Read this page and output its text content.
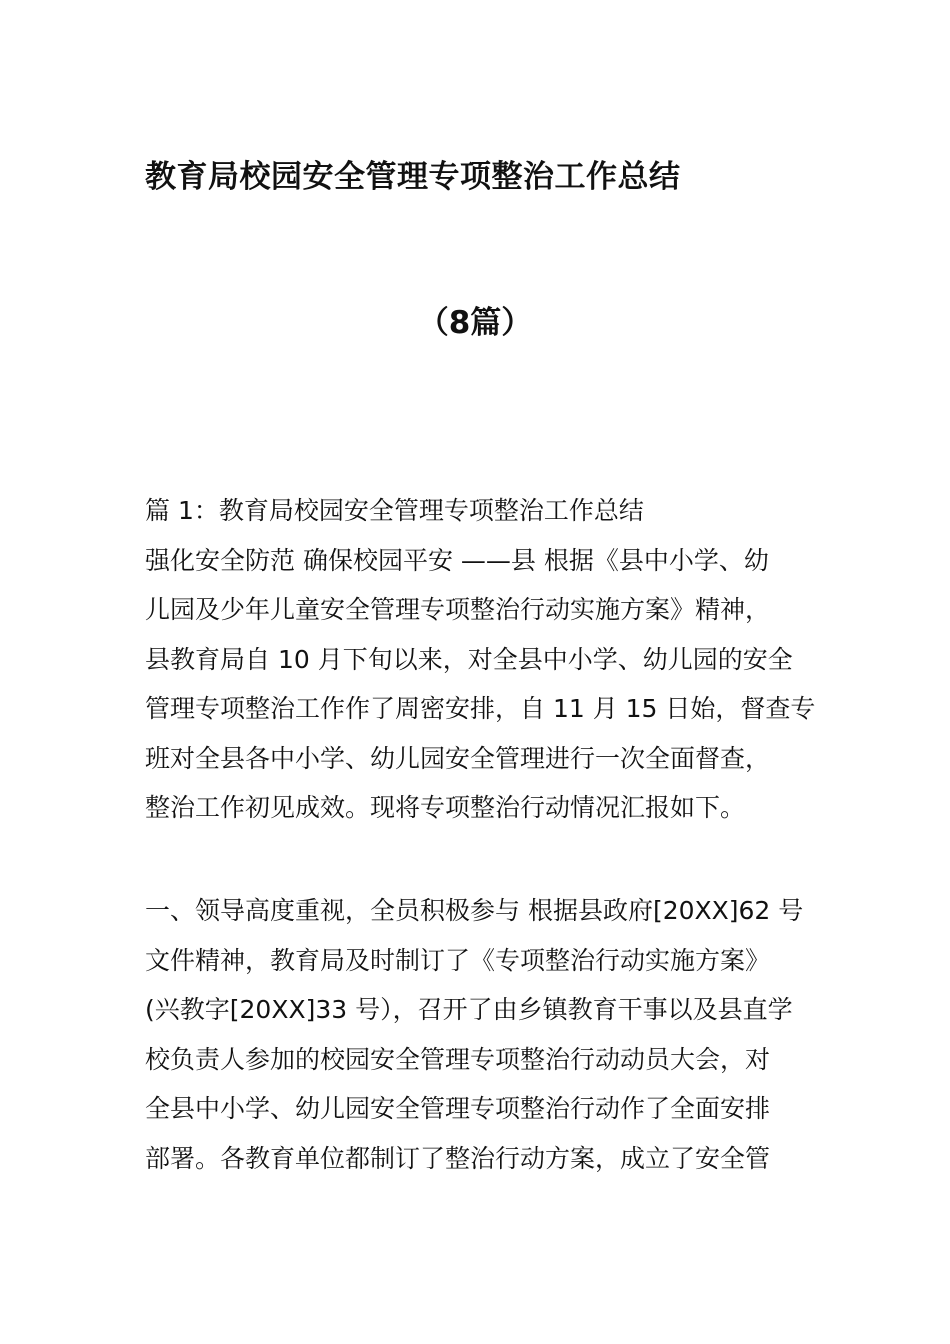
教育局校园安全管理专项整治工作总结
（8篇）
篇 1：教育局校园安全管理专项整治工作总结
强化安全防范 确保校园平安 ——县 根据《县中小学、幼
儿园及少年儿童安全管理专项整治行动实施方案》精神，
县教育局自 10 月下旬以来，对全县中小学、幼儿园的安全
管理专项整治工作作了周密安排，自 11 月 15 日始，督查专
班对全县各中小学、幼儿园安全管理进行一次全面督查，
整治工作初见成效。现将专项整治行动情况汇报如下。
一、领导高度重视，全员积极参与 根据县政府[20XX]62 号
文件精神，教育局及时制订了《专项整治行动实施方案》
(兴教字[20XX]33 号），召开了由乡镇教育干事以及县直学
校负责人参加的校园安全管理专项整治行动动员大会，对
全县中小学、幼儿园安全管理专项整治行动作了全面安排
部署。各教育单位都制订了整治行动方案，成立了安全管
